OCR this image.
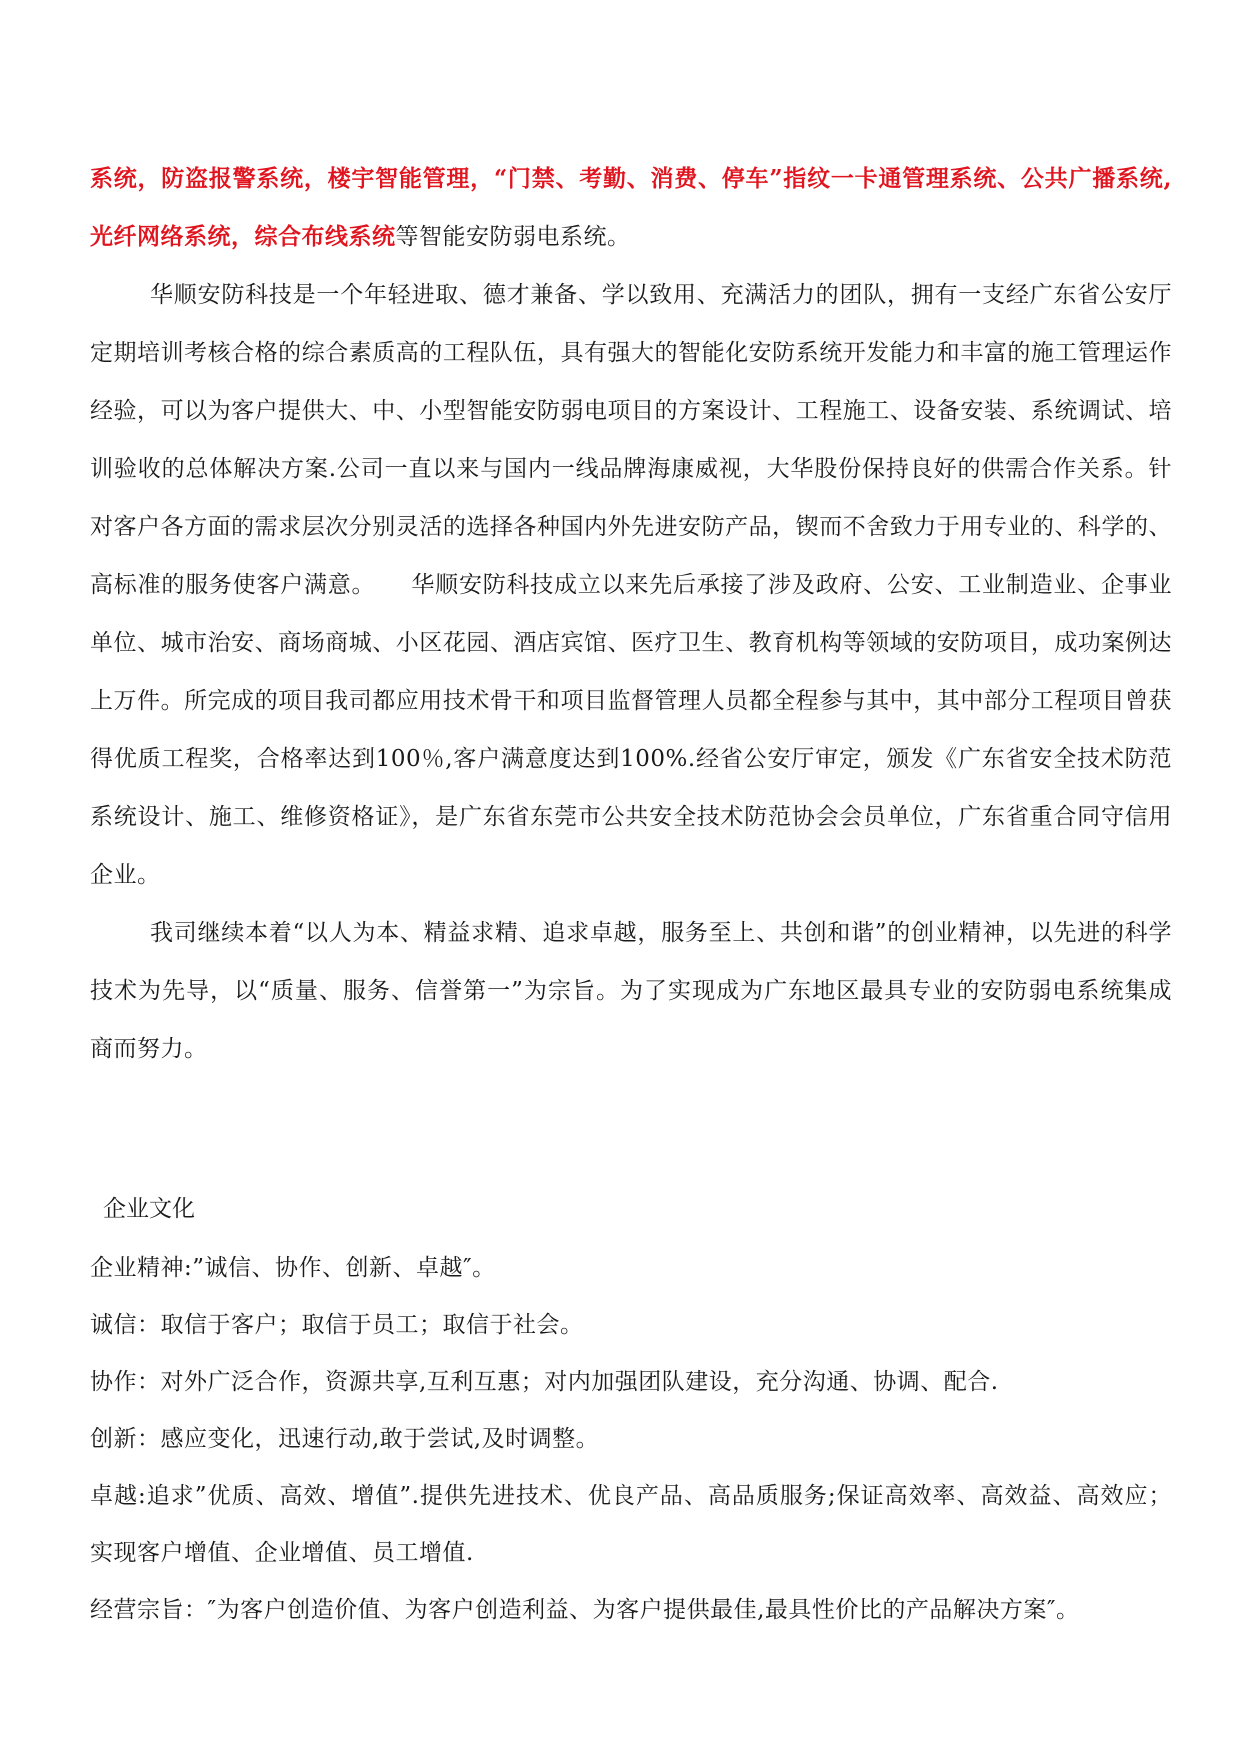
系统，防盗报警系统，楼宇智能管理，“门禁、考勤、消费、停车”指纹一卡通管理系统、公共广播系统,光纤网络系统，综合布线系统等智能安防弱电系统。

华顺安防科技是一个年轻进取、德才兼备、学以致用、充满活力的团队，拥有一支经广东省公安厅定期培训考核合格的综合素质高的工程队伍，具有强大的智能化安防系统开发能力和丰富的施工管理运作经验，可以为客户提供大、中、小型智能安防弱电项目的方案设计、工程施工、设备安装、系统调试、培训验收的总体解决方案.公司一直以来与国内一线品牌海康威视，大华股份保持良好的供需合作关系。针对客户各方面的需求层次分别灵活的选择各种国内外先进安防产品，锲而不舍致力于用专业的、科学的、高标准的服务使客户满意。　　华顺安防科技成立以来先后承接了涉及政府、公安、工业制造业、企事业单位、城市治安、商场商城、小区花园、酒店宾馆、医疗卫生、教育机构等领域的安防项目，成功案例达上万件。所完成的项目我司都应用技术骨干和项目监督管理人员都全程参与其中，其中部分工程项目曾获得优质工程奖，合格率达到100％,客户满意度达到100%.经省公安厅审定，颁发《广东省安全技术防范系统设计、施工、维修资格证》，是广东省东莞市公共安全技术防范协会会员单位，广东省重合同守信用企业。

我司继续本着“以人为本、精益求精、追求卓越，服务至上、共创和谐”的创业精神，以先进的科学技术为先导，以“质量、服务、信誉第一”为宗旨。为了实现成为广东地区最具专业的安防弱电系统集成商而努力。

企业文化

企业精神:”诚信、协作、创新、卓越″。

诚信：取信于客户；取信于员工；取信于社会。

协作：对外广泛合作，资源共享,互利互惠；对内加强团队建设，充分沟通、协调、配合.

创新：感应变化，迅速行动,敢于尝试,及时调整。

卓越:追求”优质、高效、增值”.提供先进技术、优良产品、高品质服务;保证高效率、高效益、高效应；实现客户增值、企业增值、员工增值.

经营宗旨：″为客户创造价值、为客户创造利益、为客户提供最佳,最具性价比的产品解决方案″。
